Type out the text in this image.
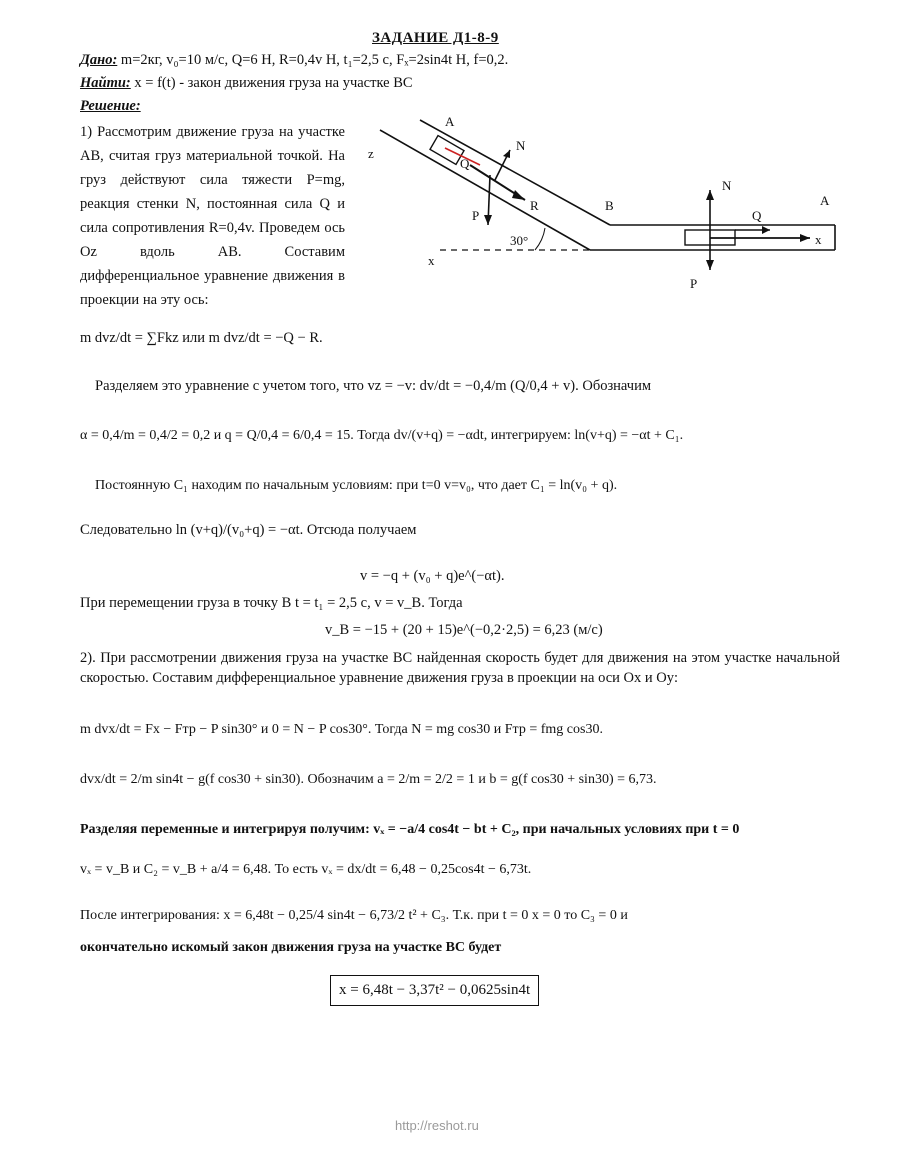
ЗАДАНИЕ Д1-8-9
Дано: m=2кг, v₀=10 м/с, Q=6 Н, R=0,4v Н, t₁=2,5 с, Fₓ=2sin4t Н, f=0,2.
Найти: x = f(t) - закон движения груза на участке BC
Решение:
1) Рассмотрим движение груза на участке AB, считая груз материальной точкой. На груз действуют сила тяжести P=mg, реакция стенки N, постоянная сила Q и сила сопротивления R=0,4v. Проведем ось Oz вдоль AB. Составим дифференциальное уравнение движения в проекции на эту ось:
A
z
x
N
P
Q
R
30°
B
N
P
Q
x
A
m dvz/dt = ∑Fkz или m dvz/dt = −Q − R.
Разделяем это уравнение с учетом того, что vz = −v: dv/dt = −0,4/m (Q/0,4 + v). Обозначим
α = 0,4/m = 0,4/2 = 0,2 и q = Q/0,4 = 6/0,4 = 15. Тогда dv/(v+q) = −αdt, интегрируем: ln(v+q) = −αt + C₁.
Постоянную C₁ находим по начальным условиям: при t=0 v=v₀, что дает C₁ = ln(v₀ + q).
Следовательно ln (v+q)/(v₀+q) = −αt. Отсюда получаем
v = −q + (v₀ + q)e^(−αt).
При перемещении груза в точку B t = t₁ = 2,5 c, v = v_B. Тогда
v_B = −15 + (20 + 15)e^(−0,2·2,5) = 6,23 (м/с)
2). При рассмотрении движения груза на участке BC найденная скорость будет для движения на этом участке начальной скоростью. Составим дифференциальное уравнение движения груза в проекции на оси Ox и Oy:
m dvx/dt = Fx − Fтр − P sin30° и 0 = N − P cos30°. Тогда N = mg cos30 и Fтр = fmg cos30.
dvx/dt = 2/m sin4t − g(f cos30 + sin30). Обозначим a = 2/m = 2/2 = 1 и b = g(f cos30 + sin30) = 6,73.
Разделяя переменные и интегрируя получим: vₓ = −a/4 cos4t − bt + C₂, при начальных условиях при t = 0
vₓ = v_B и C₂ = v_B + a/4 = 6,48. То есть vₓ = dx/dt = 6,48 − 0,25cos4t − 6,73t.
После интегрирования: x = 6,48t − 0,25/4 sin4t − 6,73/2 t² + C₃. Т.к. при t = 0 x = 0 то C₃ = 0 и
окончательно искомый закон движения груза на участке BC будет
x = 6,48t − 3,37t² − 0,0625sin4t
http://reshot.ru
